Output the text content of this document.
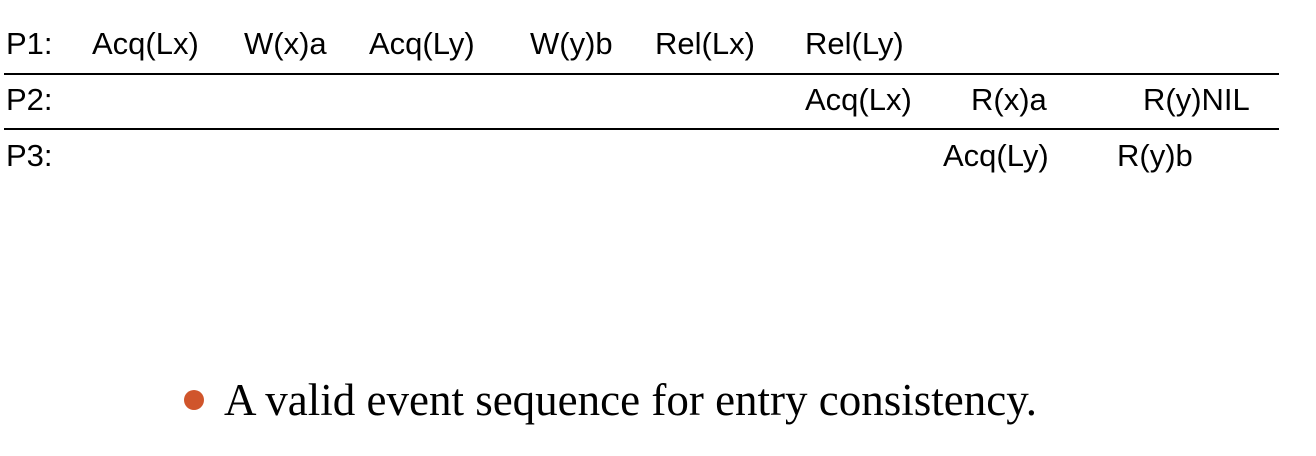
P1: Acq(Lx) W(x)a Acq(Ly) W(y)b Rel(Lx) Rel(Ly)
P2:	Acq(Lx) R(x)a	R(y)NIL
P3:	Acq(Ly) R(y)b
A valid event sequence for entry consistency.
